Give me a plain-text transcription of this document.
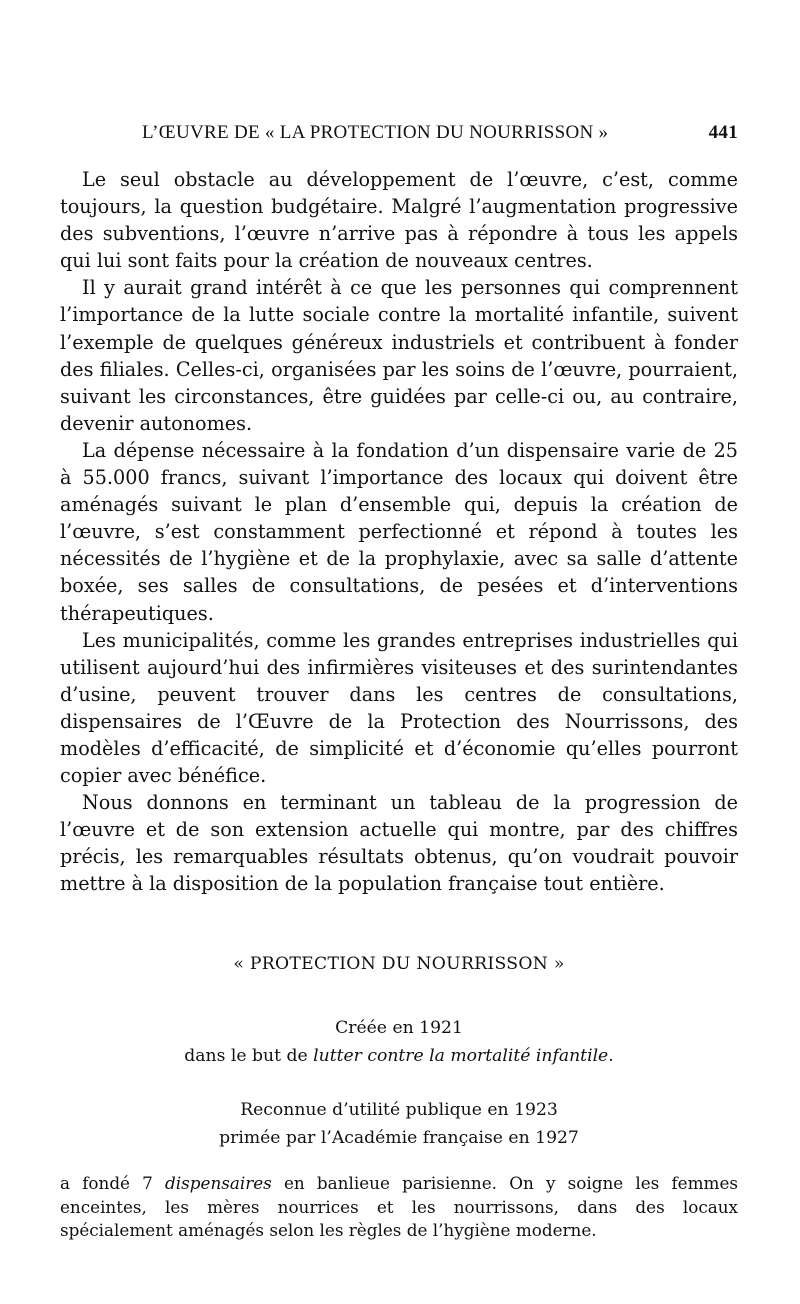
L’ŒUVRE DE « LA PROTECTION DU NOURRISSON »	441

Le seul obstacle au développement de l’œuvre, c’est, comme toujours, la question budgétaire. Malgré l’augmentation progressive des subventions, l’œuvre n’arrive pas à répondre à tous les appels qui lui sont faits pour la création de nouveaux centres.

Il y aurait grand intérêt à ce que les personnes qui comprennent l’importance de la lutte sociale contre la mortalité infantile, suivent l’exemple de quelques généreux industriels et contribuent à fonder des filiales. Celles-ci, organisées par les soins de l’œuvre, pourraient, suivant les circonstances, être guidées par celle-ci ou, au contraire, devenir autonomes.

La dépense nécessaire à la fondation d’un dispensaire varie de 25 à 55.000 francs, suivant l’importance des locaux qui doivent être aménagés suivant le plan d’ensemble qui, depuis la création de l’œuvre, s’est constamment perfectionné et répond à toutes les nécessités de l’hygiène et de la prophylaxie, avec sa salle d’attente boxée, ses salles de consultations, de pesées et d’interventions thérapeutiques.

Les municipalités, comme les grandes entreprises industrielles qui utilisent aujourd’hui des infirmières visiteuses et des surintendantes d’usine, peuvent trouver dans les centres de consultations, dispensaires de l’Œuvre de la Protection des Nourrissons, des modèles d’efficacité, de simplicité et d’économie qu’elles pourront copier avec bénéfice.

Nous donnons en terminant un tableau de la progression de l’œuvre et de son extension actuelle qui montre, par des chiffres précis, les remarquables résultats obtenus, qu’on voudrait pouvoir mettre à la disposition de la population française tout entière.

« PROTECTION DU NOURRISSON »
Créée en 1921
dans le but de lutter contre la mortalité infantile.
Reconnue d’utilité publique en 1923
primée par l’Académie française en 1927
a fondé 7 dispensaires en banlieue parisienne. On y soigne les femmes enceintes, les mères nourrices et les nourrissons, dans des locaux spécialement aménagés selon les règles de l’hygiène moderne.
